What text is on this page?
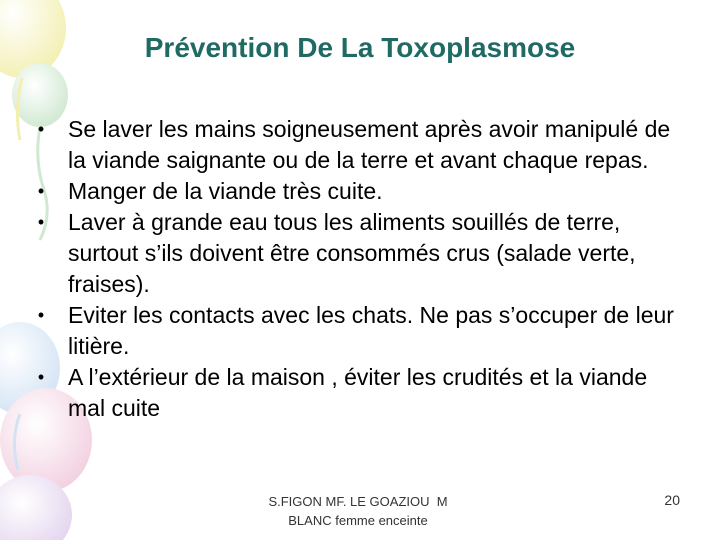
Prévention De La Toxoplasmose
•	Se laver les mains soigneusement après avoir manipulé de la viande saignante ou de la terre et avant chaque repas.
•	Manger de la viande très cuite.
•	Laver à grande eau tous les aliments souillés de terre, surtout s’ils doivent être consommés crus (salade verte, fraises).
•	Eviter les contacts avec les chats. Ne pas s’occuper de leur litière.
•	A l’extérieur de la maison , éviter les crudités et la viande mal cuite
S.FIGON MF. LE GOAZIOU  M
BLANC femme enceinte
20
